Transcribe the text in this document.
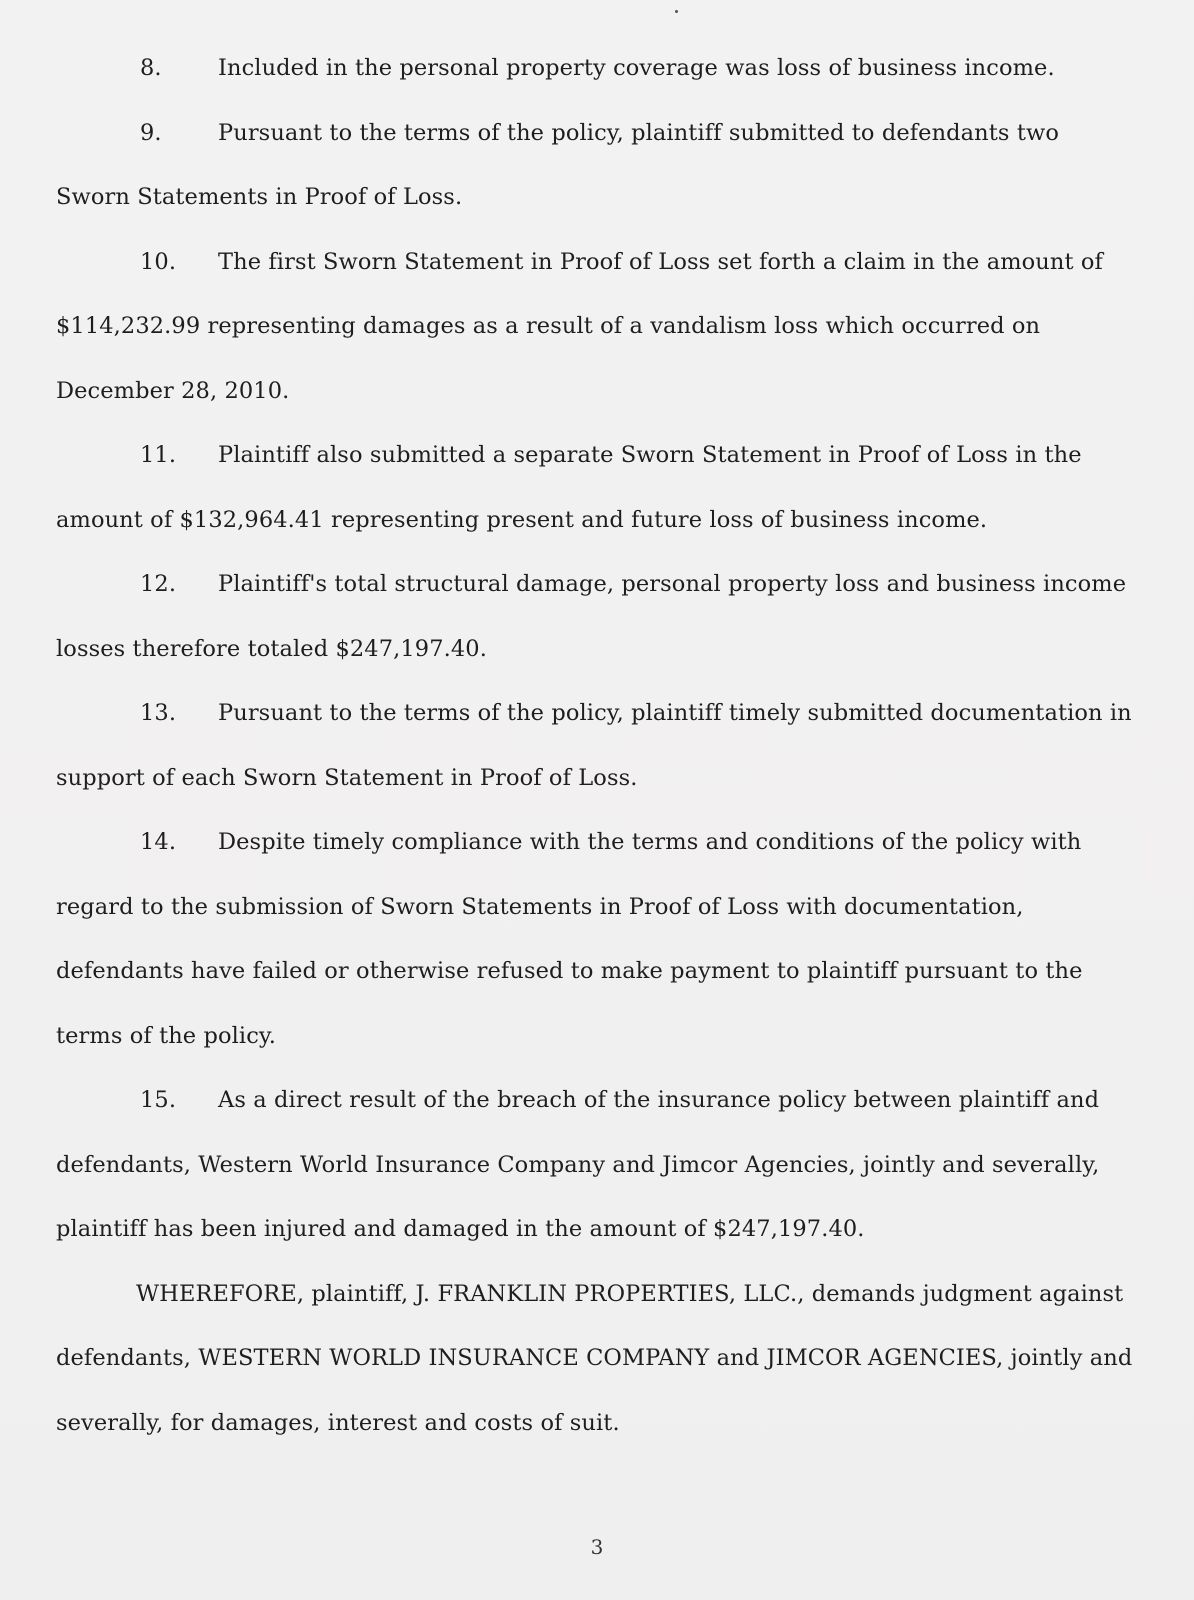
8.	Included in the personal property coverage was loss of business income.

9.	Pursuant to the terms of the policy, plaintiff submitted to defendants two Sworn Statements in Proof of Loss.

10. The first Sworn Statement in Proof of Loss set forth a claim in the amount of $114,232.99 representing damages as a result of a vandalism loss which occurred on December 28, 2010.

11. Plaintiff also submitted a separate Sworn Statement in Proof of Loss in the amount of $132,964.41 representing present and future loss of business income.

12. Plaintiff's total structural damage, personal property loss and business income losses therefore totaled $247,197.40.

13. Pursuant to the terms of the policy, plaintiff timely submitted documentation in support of each Sworn Statement in Proof of Loss.

14. Despite timely compliance with the terms and conditions of the policy with regard to the submission of Sworn Statements in Proof of Loss with documentation, defendants have failed or otherwise refused to make payment to plaintiff pursuant to the terms of the policy.

15. As a direct result of the breach of the insurance policy between plaintiff and defendants, Western World Insurance Company and Jimcor Agencies, jointly and severally, plaintiff has been injured and damaged in the amount of $247,197.40.

WHEREFORE, plaintiff, J. FRANKLIN PROPERTIES, LLC., demands judgment against defendants, WESTERN WORLD INSURANCE COMPANY and JIMCOR AGENCIES, jointly and severally, for damages, interest and costs of suit.

3
